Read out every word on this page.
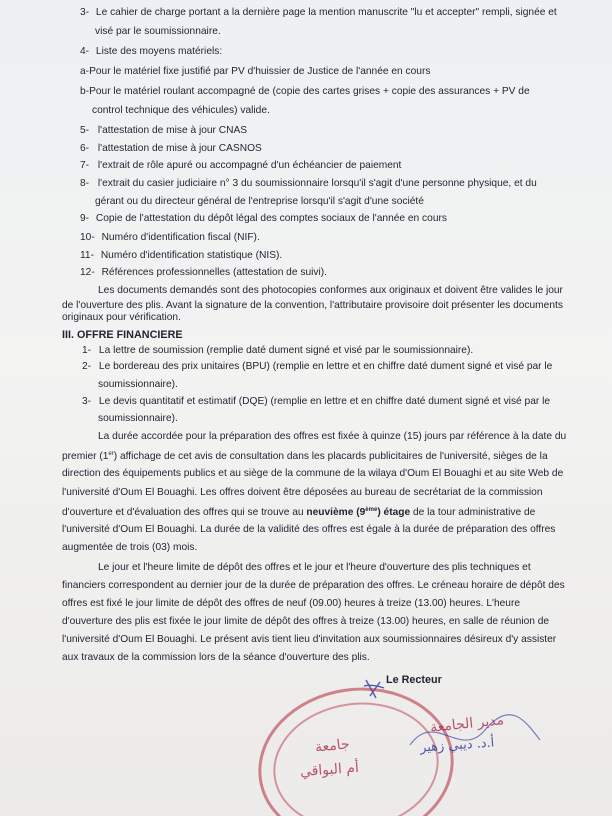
3- Le cahier de charge portant a la dernière page la mention manuscrite "lu et accepter" rempli, signée et
visé par le soumissionnaire.
4- Liste des moyens matériels:
a-Pour le matériel fixe justifié par PV d'huissier de Justice de l'année en cours
b-Pour le matériel roulant accompagné de (copie des cartes grises + copie des assurances + PV de
control technique des véhicules) valide.
5- l'attestation de mise à jour CNAS
6- l'attestation de mise à jour CASNOS
7- l'extrait de rôle apuré ou accompagné d'un échéancier de paiement
8- l'extrait du casier judiciaire n° 3 du soumissionnaire lorsqu'il s'agit d'une personne physique, et du
gérant ou du directeur général de l'entreprise lorsqu'il s'agit d'une société
9- Copie de l'attestation du dépôt légal des comptes sociaux de l'année en cours
10- Numéro d'identification fiscal (NIF).
11- Numéro d'identification statistique (NIS).
12- Références professionnelles (attestation de suivi).
Les documents demandés sont des photocopies conformes aux originaux et doivent être valides le jour
de l'ouverture des plis. Avant la signature de la convention, l'attributaire provisoire doit présenter les documents
originaux pour vérification.
III. OFFRE FINANCIERE
1- La lettre de soumission (remplie daté dument signé et visé par le soumissionnaire).
2- Le bordereau des prix unitaires (BPU) (remplie en lettre et en chiffre daté dument signé et visé par le
soumissionnaire).
3- Le devis quantitatif et estimatif (DQE) (remplie en lettre et en chiffre daté dument signé et visé par le
soumissionnaire).
La durée accordée pour la préparation des offres est fixée à quinze (15) jours par référence à la date du
premier (1er) affichage de cet avis de consultation dans les placards publicitaires de l'université, sièges de la
direction des équipements publics et au siège de la commune de la wilaya d'Oum El Bouaghi et au site Web de
l'université d'Oum El Bouaghi. Les offres doivent être déposées au bureau de secrétariat de la commission
d'ouverture et d'évaluation des offres qui se trouve au neuvième (9ème) étage de la tour administrative de
l'université d'Oum El Bouaghi. La durée de la validité des offres est égale à la durée de préparation des offres
augmentée de trois (03) mois.
Le jour et l'heure limite de dépôt des offres et le jour et l'heure d'ouverture des plis techniques et
financiers correspondent au dernier jour de la durée de préparation des offres. Le créneau horaire de dépôt des
offres est fixé le jour limite de dépôt des offres de neuf (09.00) heures à treize (13.00) heures. L'heure
d'ouverture des plis est fixée le jour limite de dépôt des offres à treize (13.00) heures, en salle de réunion de
l'université d'Oum El Bouaghi. Le présent avis tient lieu d'invitation aux soumissionnaires désireux d'y assister
aux travaux de la commission lors de la séance d'ouverture des plis.
Le Recteur
مدير الجامعة
أ.د. ديبي زهير
جامعة
أم البواقي
